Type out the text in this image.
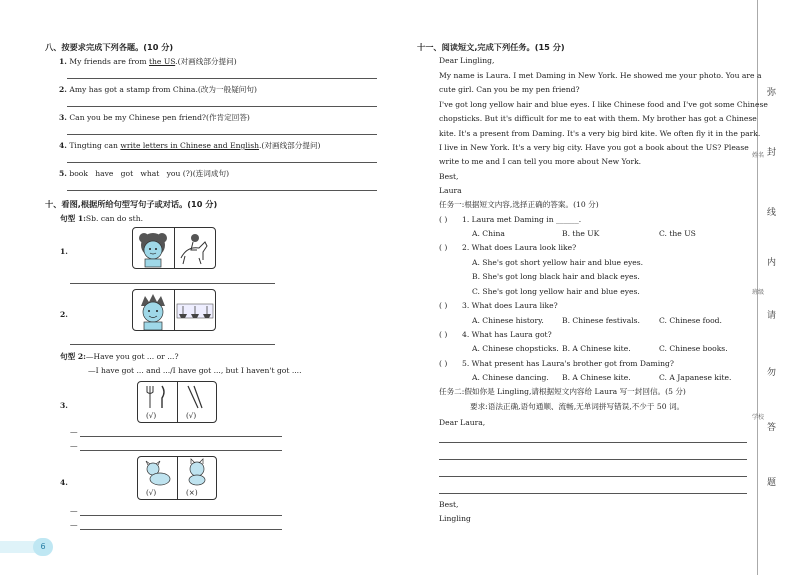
6
弥
封
线
内
请
勿
答
题
姓名
班级
学校
八、按要求完成下列各题。(10 分)
1. My friends are from the US.(对画线部分提问)
2. Amy has got a stamp from China.(改为一般疑问句)
3. Can you be my Chinese pen friend?(作肯定回答)
4. Tingting can write letters in Chinese and English.(对画线部分提问)
5. book   have   got   what   you (?)(连词成句)
十、看图,根据所给句型写句子或对话。(10 分)
句型 1:Sb. can do sth.
1.
2.
句型 2:—Have you got ... or ...?
—I have got ... and .../I have got ..., but I haven't got ....
3.
(√)	(√)
—
—
4.
(√)	(×)
—
—
十一、阅读短文,完成下列任务。(15 分)
Dear Lingling,
My name is Laura. I met Daming in New York. He showed me your photo. You are a
cute girl. Can you be my pen friend?
I've got long yellow hair and blue eyes. I like Chinese food and I've got some Chinese
chopsticks. But it's difficult for me to eat with them. My brother has got a Chinese
kite. It's a present from Daming. It's a very big bird kite. We often fly it in the park.
I live in New York. It's a very big city. Have you got a book about the US? Please
write to me and I can tell you more about New York.
Best,
Laura
任务一:根据短文内容,选择正确的答案。(10 分)
( ) 1. Laura met Daming in ______.
A. China	B. the UK	C. the US
( ) 2. What does Laura look like?
A. She's got short yellow hair and blue eyes.
B. She's got long black hair and black eyes.
C. She's got long yellow hair and blue eyes.
( ) 3. What does Laura like?
A. Chinese history. B. Chinese festivals.	C. Chinese food.
( ) 4. What has Laura got?
A. Chinese chopsticks. B. A Chinese kite.	C. Chinese books.
( ) 5. What present has Laura's brother got from Daming?
A. Chinese dancing. B. A Chinese kite.	C. A Japanese kite.
任务二:假如你是 Lingling,请根据短文内容给 Laura 写一封回信。(5 分)
要求:语法正确,语句通顺、流畅,无单词拼写错误,不少于 50 词。
Dear Laura,
Best,
Lingling
